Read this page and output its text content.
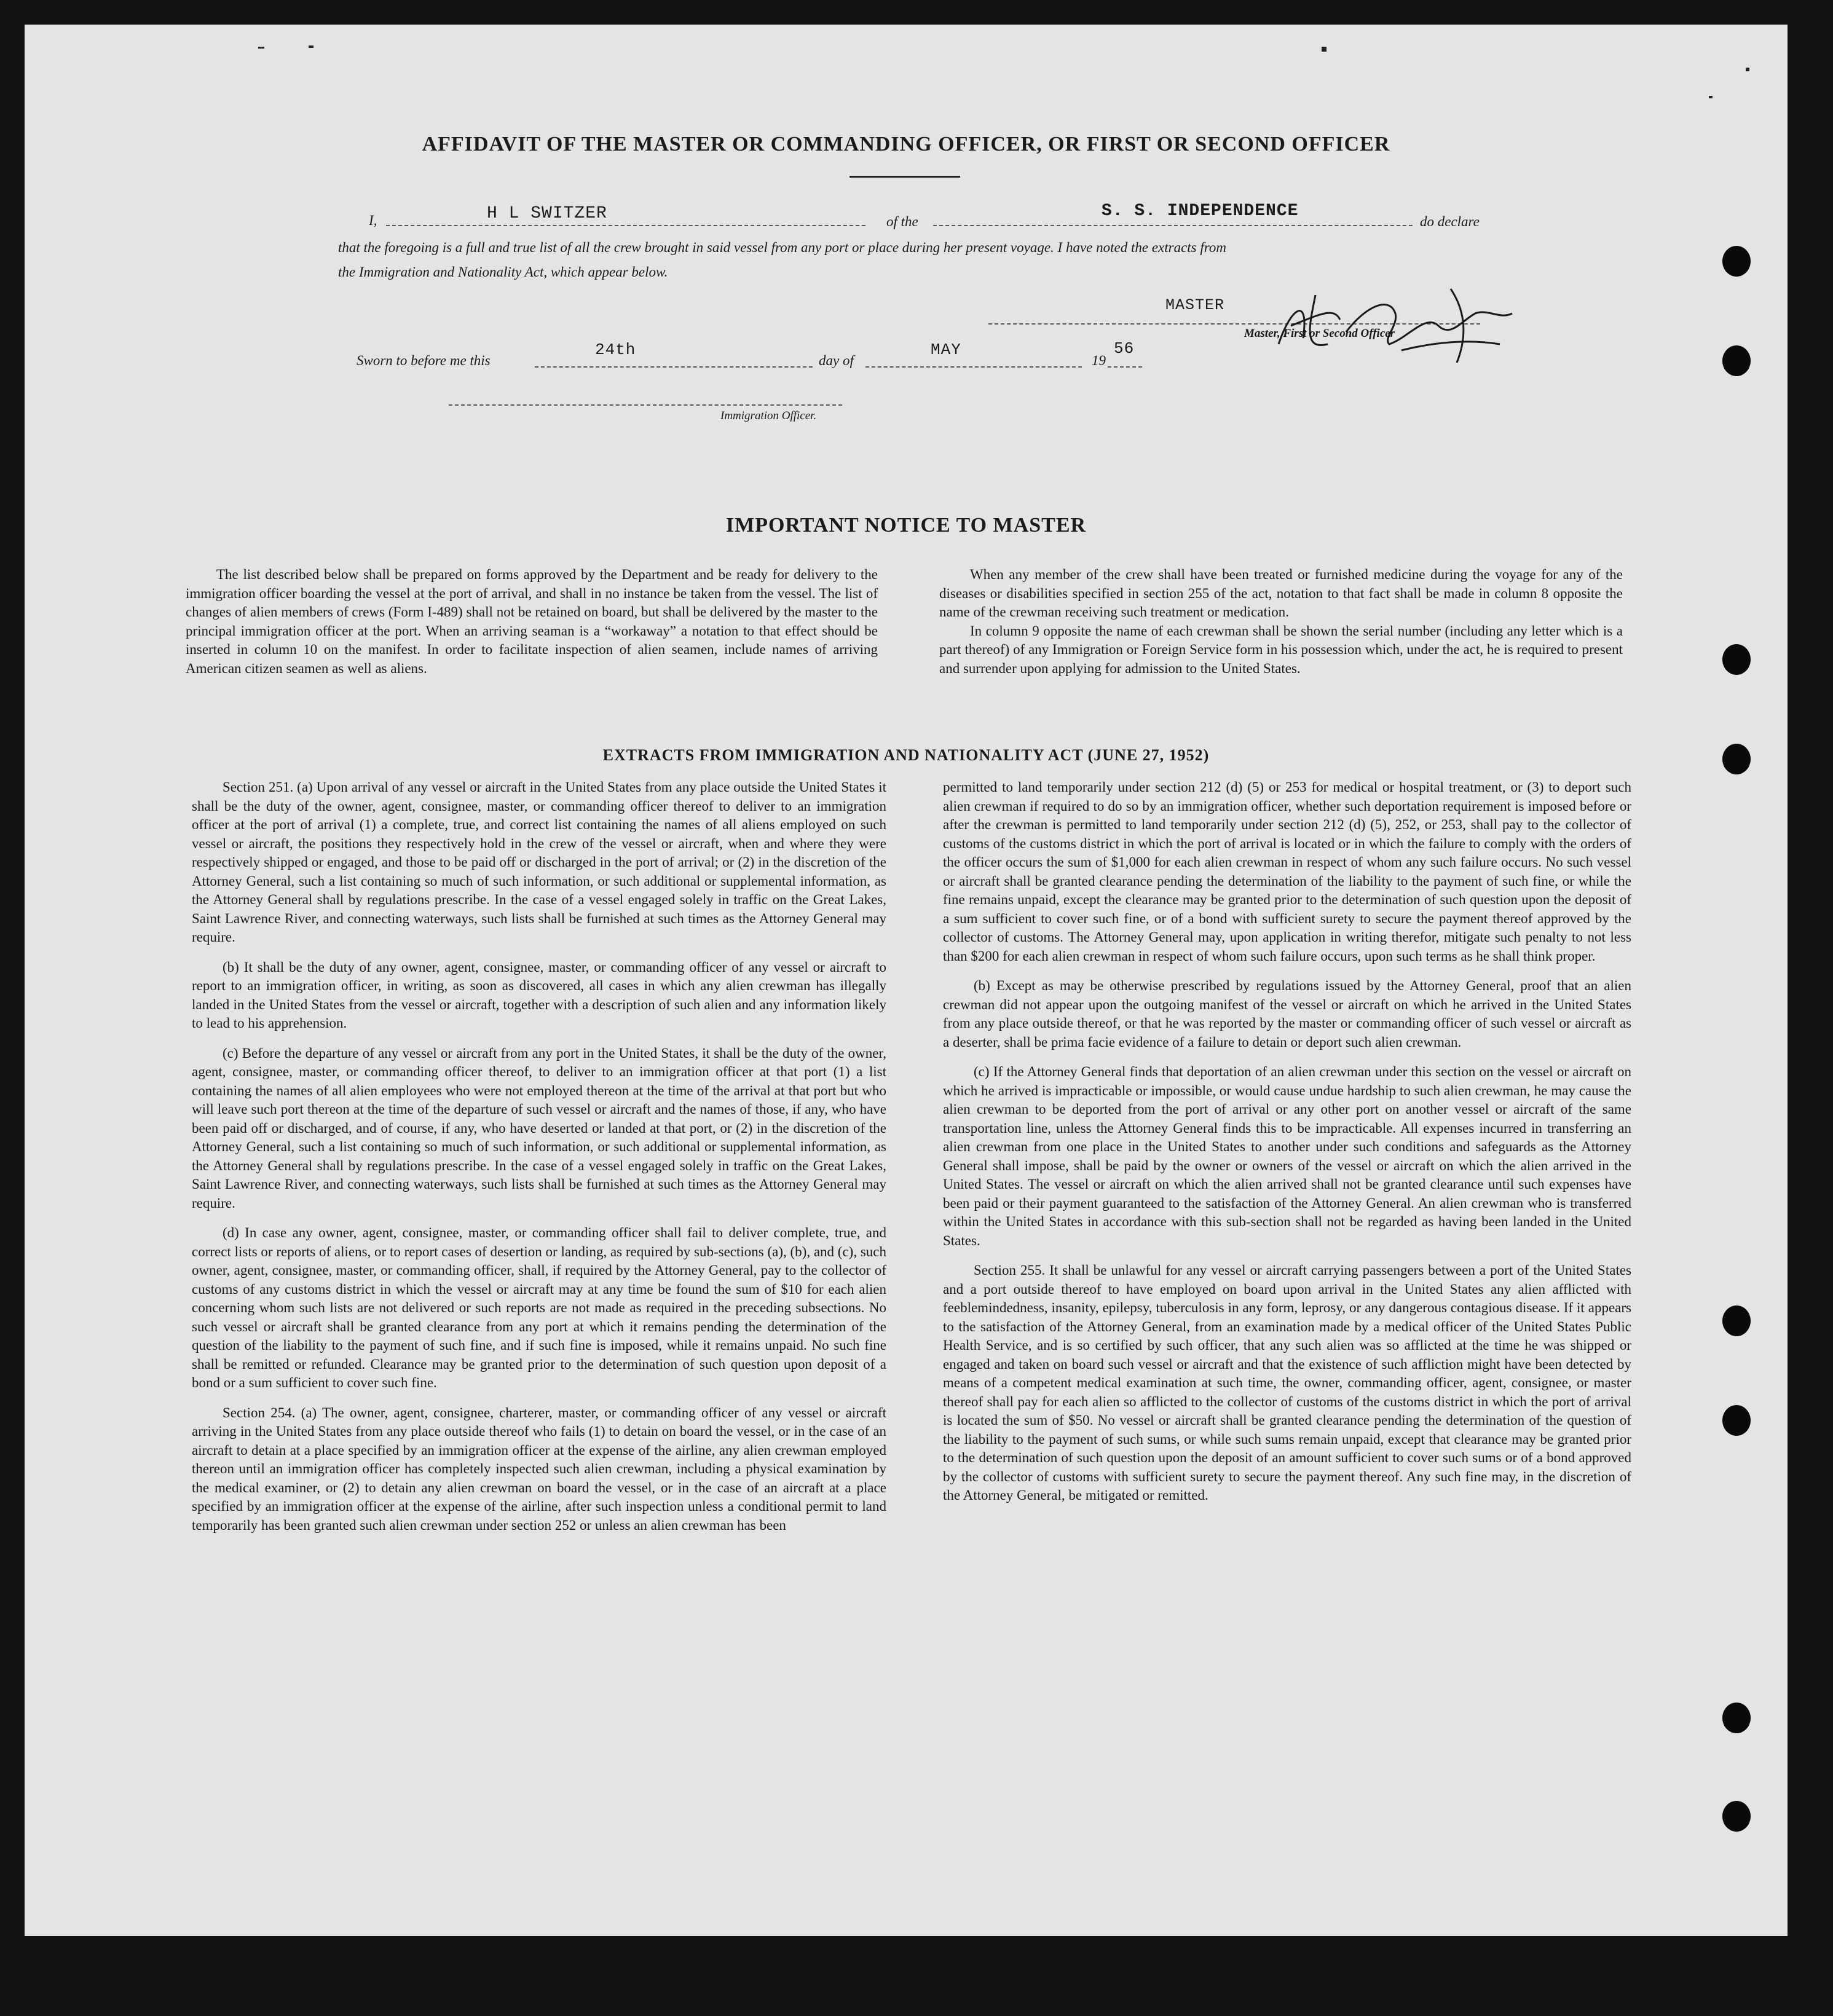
AFFIDAVIT OF THE MASTER OR COMMANDING OFFICER, OR FIRST OR SECOND OFFICER
I,	H L SWITZER	of the
S. S. INDEPENDENCE
do declare
that the foregoing is a full and true list of all the crew brought in said vessel from any port or place during her present voyage. I have noted the extracts from
the Immigration and Nationality Act, which appear below.
MASTER
Master, First or Second Officer
Sworn to before me this
24th
day of
MAY
19
56
Immigration Officer.
IMPORTANT NOTICE TO MASTER

The list described below shall be prepared on forms approved by the Department and be ready for delivery to the immigration officer boarding the vessel at the port of arrival, and shall in no instance be taken from the vessel. The list of changes of alien members of crews (Form I-489) shall not be retained on board, but shall be delivered by the master to the principal immigration officer at the port. When an arriving seaman is a “workaway” a notation to that effect should be inserted in column 10 on the manifest. In order to facilitate inspection of alien seamen, include names of arriving American citizen seamen as well as aliens.

When any member of the crew shall have been treated or furnished medicine during the voyage for any of the diseases or disabilities specified in section 255 of the act, notation to that fact shall be made in column 8 opposite the name of the crewman receiving such treatment or medication.

In column 9 opposite the name of each crewman shall be shown the serial number (including any letter which is a part thereof) of any Immigration or Foreign Service form in his possession which, under the act, he is required to present and surrender upon applying for admission to the United States.

EXTRACTS FROM IMMIGRATION AND NATIONALITY ACT (JUNE 27, 1952)

Section 251. (a) Upon arrival of any vessel or aircraft in the United States from any place outside the United States it shall be the duty of the owner, agent, consignee, master, or commanding officer thereof to deliver to an immigration officer at the port of arrival (1) a complete, true, and correct list containing the names of all aliens employed on such vessel or aircraft, the positions they respectively hold in the crew of the vessel or aircraft, when and where they were respectively shipped or engaged, and those to be paid off or discharged in the port of arrival; or (2) in the discretion of the Attorney General, such a list containing so much of such information, or such additional or supplemental information, as the Attorney General shall by regulations prescribe. In the case of a vessel engaged solely in traffic on the Great Lakes, Saint Lawrence River, and connecting waterways, such lists shall be furnished at such times as the Attorney General may require.

(b) It shall be the duty of any owner, agent, consignee, master, or commanding officer of any vessel or aircraft to report to an immigration officer, in writing, as soon as discovered, all cases in which any alien crewman has illegally landed in the United States from the vessel or aircraft, together with a description of such alien and any information likely to lead to his apprehension.

(c) Before the departure of any vessel or aircraft from any port in the United States, it shall be the duty of the owner, agent, consignee, master, or commanding officer thereof, to deliver to an immigration officer at that port (1) a list containing the names of all alien employees who were not employed thereon at the time of the arrival at that port but who will leave such port thereon at the time of the departure of such vessel or aircraft and the names of those, if any, who have been paid off or discharged, and of course, if any, who have deserted or landed at that port, or (2) in the discretion of the Attorney General, such a list containing so much of such information, or such additional or supplemental information, as the Attorney General shall by regulations prescribe. In the case of a vessel engaged solely in traffic on the Great Lakes, Saint Lawrence River, and connecting waterways, such lists shall be furnished at such times as the Attorney General may require.

(d) In case any owner, agent, consignee, master, or commanding officer shall fail to deliver complete, true, and correct lists or reports of aliens, or to report cases of desertion or landing, as required by sub-sections (a), (b), and (c), such owner, agent, consignee, master, or commanding officer, shall, if required by the Attorney General, pay to the collector of customs of any customs district in which the vessel or aircraft may at any time be found the sum of $10 for each alien concerning whom such lists are not delivered or such reports are not made as required in the preceding subsections. No such vessel or aircraft shall be granted clearance from any port at which it remains pending the determination of the question of the liability to the payment of such fine, and if such fine is imposed, while it remains unpaid. No such fine shall be remitted or refunded. Clearance may be granted prior to the determination of such question upon deposit of a bond or a sum sufficient to cover such fine.

Section 254. (a) The owner, agent, consignee, charterer, master, or commanding officer of any vessel or aircraft arriving in the United States from any place outside thereof who fails (1) to detain on board the vessel, or in the case of an aircraft to detain at a place specified by an immigration officer at the expense of the airline, any alien crewman employed thereon until an immigration officer has completely inspected such alien crewman, including a physical examination by the medical examiner, or (2) to detain any alien crewman on board the vessel, or in the case of an aircraft at a place specified by an immigration officer at the expense of the airline, after such inspection unless a conditional permit to land temporarily has been granted such alien crewman under section 252 or unless an alien crewman has been

permitted to land temporarily under section 212 (d) (5) or 253 for medical or hospital treatment, or (3) to deport such alien crewman if required to do so by an immigration officer, whether such deportation requirement is imposed before or after the crewman is permitted to land temporarily under section 212 (d) (5), 252, or 253, shall pay to the collector of customs of the customs district in which the port of arrival is located or in which the failure to comply with the orders of the officer occurs the sum of $1,000 for each alien crewman in respect of whom any such failure occurs. No such vessel or aircraft shall be granted clearance pending the determination of the liability to the payment of such fine, or while the fine remains unpaid, except the clearance may be granted prior to the determination of such question upon the deposit of a sum sufficient to cover such fine, or of a bond with sufficient surety to secure the payment thereof approved by the collector of customs. The Attorney General may, upon application in writing therefor, mitigate such penalty to not less than $200 for each alien crewman in respect of whom such failure occurs, upon such terms as he shall think proper.

(b) Except as may be otherwise prescribed by regulations issued by the Attorney General, proof that an alien crewman did not appear upon the outgoing manifest of the vessel or aircraft on which he arrived in the United States from any place outside thereof, or that he was reported by the master or commanding officer of such vessel or aircraft as a deserter, shall be prima facie evidence of a failure to detain or deport such alien crewman.

(c) If the Attorney General finds that deportation of an alien crewman under this section on the vessel or aircraft on which he arrived is impracticable or impossible, or would cause undue hardship to such alien crewman, he may cause the alien crewman to be deported from the port of arrival or any other port on another vessel or aircraft of the same transportation line, unless the Attorney General finds this to be impracticable. All expenses incurred in transferring an alien crewman from one place in the United States to another under such conditions and safeguards as the Attorney General shall impose, shall be paid by the owner or owners of the vessel or aircraft on which the alien arrived in the United States. The vessel or aircraft on which the alien arrived shall not be granted clearance until such expenses have been paid or their payment guaranteed to the satisfaction of the Attorney General. An alien crewman who is transferred within the United States in accordance with this sub-section shall not be regarded as having been landed in the United States.

Section 255. It shall be unlawful for any vessel or aircraft carrying passengers between a port of the United States and a port outside thereof to have employed on board upon arrival in the United States any alien afflicted with feeblemindedness, insanity, epilepsy, tuberculosis in any form, leprosy, or any dangerous contagious disease. If it appears to the satisfaction of the Attorney General, from an examination made by a medical officer of the United States Public Health Service, and is so certified by such officer, that any such alien was so afflicted at the time he was shipped or engaged and taken on board such vessel or aircraft and that the existence of such affliction might have been detected by means of a competent medical examination at such time, the owner, commanding officer, agent, consignee, or master thereof shall pay for each alien so afflicted to the collector of customs of the customs district in which the port of arrival is located the sum of $50. No vessel or aircraft shall be granted clearance pending the determination of the question of the liability to the payment of such sums, or while such sums remain unpaid, except that clearance may be granted prior to the determination of such question upon the deposit of an amount sufficient to cover such sums or of a bond approved by the collector of customs with sufficient surety to secure the payment thereof. Any such fine may, in the discretion of the Attorney General, be mitigated or remitted.
